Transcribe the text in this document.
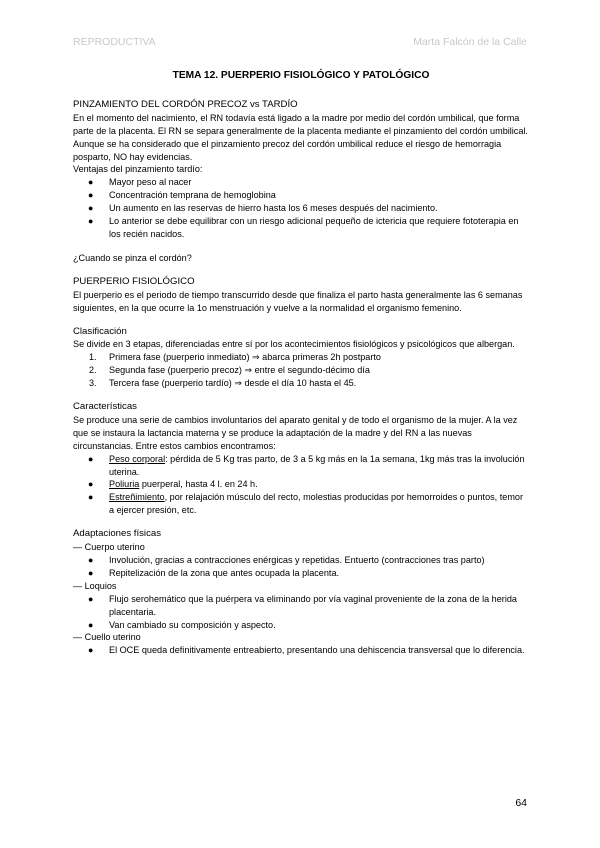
REPRODUCTIVA	Marta Falcón de la Calle
TEMA 12. PUERPERIO FISIOLÓGICO Y PATOLÓGICO
PINZAMIENTO DEL CORDÓN PRECOZ vs TARDÍO

En el momento del nacimiento, el RN todavía está ligado a la madre por medio del cordón umbilical, que forma parte de la placenta. El RN se separa generalmente de la placenta mediante el pinzamiento del cordón umbilical. Aunque se ha considerado que el pinzamiento precoz del cordón umbilical reduce el riesgo de hemorragia posparto, NO hay evidencias.

Ventajas del pinzamiento tardío:

● Mayor peso al nacer
● Concentración temprana de hemoglobina
● Un aumento en las reservas de hierro hasta los 6 meses después del nacimiento.
● Lo anterior se debe equilibrar con un riesgo adicional pequeño de ictericia que requiere fototerapia en los recién nacidos.

¿Cuando se pinza el cordón?

PUERPERIO FISIOLÓGICO

El puerperio es el periodo de tiempo transcurrido desde que finaliza el parto hasta generalmente las 6 semanas siguientes, en la que ocurre la 1o menstruación y vuelve a la normalidad el organismo femenino.

Clasificación

Se divide en 3 etapas, diferenciadas entre sí por los acontecimientos fisiológicos y psicológicos que albergan.

1. Primera fase (puerperio inmediato) ⇒ abarca primeras 2h postparto
2. Segunda fase (puerperio precoz) ⇒ entre el segundo-décimo día
3. Tercera fase (puerperio tardío) ⇒ desde el día 10 hasta el 45.
Características

Se produce una serie de cambios involuntarios del aparato genital y de todo el organismo de la mujer. A la vez que se instaura la lactancia materna y se produce la adaptación de la madre y del RN a las nuevas circunstancias. Entre estos cambios encontramos:

● Peso corporal: pérdida de 5 Kg tras parto, de 3 a 5 kg más en la 1a semana, 1kg más tras la involución uterina.
● Poliuria puerperal, hasta 4 l. en 24 h.
● Estreñimiento, por relajación músculo del recto, molestias producidas por hemorroides o puntos, temor a ejercer presión, etc.
Adaptaciones físicas

— Cuerpo uterino

● Involución, gracias a contracciones enérgicas y repetidas. Entuerto (contracciones tras parto)
● Repitelización de la zona que antes ocupada la placenta.

— Loquios

● Flujo serohemático que la puérpera va eliminando por vía vaginal proveniente de la zona de la herida placentaria.
● Van cambiado su composición y aspecto.

— Cuello uterino

● El OCE queda definitivamente entreabierto, presentando una dehiscencia transversal que lo diferencia.
64
